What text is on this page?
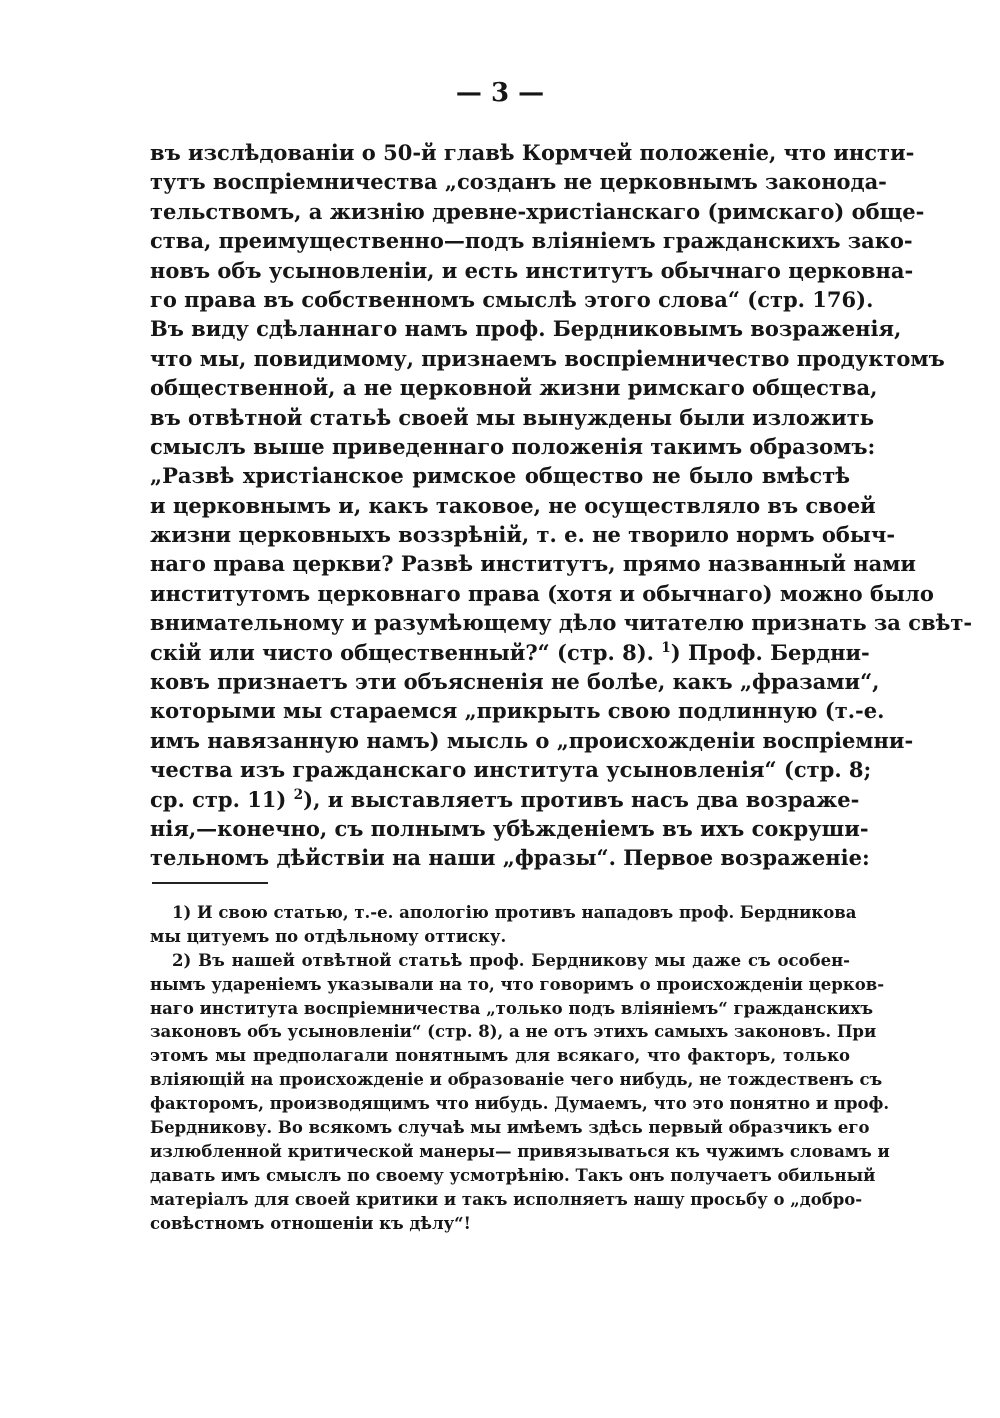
— 3 —
въ изслѣдованіи о 50-й главѣ Кормчей положеніе, что инсти-
тутъ воспріемничества „созданъ не церковнымъ законода-
тельствомъ, а жизнію древне-христіанскаго (римскаго) обще-
ства, преимущественно—подъ вліяніемъ гражданскихъ зако-
новъ объ усыновленіи, и есть институтъ обычнаго церковна-
го права въ собственномъ смыслѣ этого слова“ (стр. 176).
Въ виду сдѣланнаго намъ проф. Бердниковымъ возраженія,
что мы, повидимому, признаемъ воспріемничество продуктомъ
общественной, а не церковной жизни римскаго общества,
въ отвѣтной статьѣ своей мы вынуждены были изложить
смыслъ выше приведеннаго положенія такимъ образомъ:
„Развѣ христіанское римское общество не было вмѣстѣ
и церковнымъ и, какъ таковое, не осуществляло въ своей
жизни церковныхъ воззрѣній, т. е. не творило нормъ обыч-
наго права церкви? Развѣ институтъ, прямо названный нами
институтомъ церковнаго права (хотя и обычнаго) можно было
внимательному и разумѣющему дѣло читателю признать за свѣт-
скій или чисто общественный?“ (стр. 8). $^1$) Проф. Бердни-
ковъ признаетъ эти объясненія не болѣе, какъ „фразами“,
которыми мы стараемся „прикрыть свою подлинную (т.-е.
имъ навязанную намъ) мысль о „происхожденіи воспріемни-
чества изъ гражданскаго института усыновленія“ (стр. 8;
ср. стр. 11) $^2$), и выставляетъ противъ насъ два возраже-
нія,—конечно, съ полнымъ убѣжденіемъ въ ихъ сокруши-
тельномъ дѣйствіи на наши „фразы“. Первое возраженіе:
1) И свою статью, т.-е. апологію противъ нападовъ проф. Бердникова
мы цитуемъ по отдѣльному оттиску.
2) Въ нашей отвѣтной статьѣ проф. Бердникову мы даже съ особен-
нымъ удареніемъ указывали на то, что говоримъ о происхожденіи церков-
наго института воспріемничества „только подъ вліяніемъ“ гражданскихъ
законовъ объ усыновленіи“ (стр. 8), а не отъ этихъ самыхъ законовъ. При
этомъ мы предполагали понятнымъ для всякаго, что факторъ, только
вліяющій на происхожденіе и образованіе чего нибудь, не тождественъ съ
факторомъ, производящимъ что нибудь. Думаемъ, что это понятно и проф.
Бердникову. Во всякомъ случаѣ мы имѣемъ здѣсь первый образчикъ его
излюбленной критической манеры— привязываться къ чужимъ словамъ и
давать имъ смыслъ по своему усмотрѣнію. Такъ онъ получаетъ обильный
матеріалъ для своей критики и такъ исполняетъ нашу просьбу о „добро-
совѣстномъ отношеніи къ дѣлу“!
